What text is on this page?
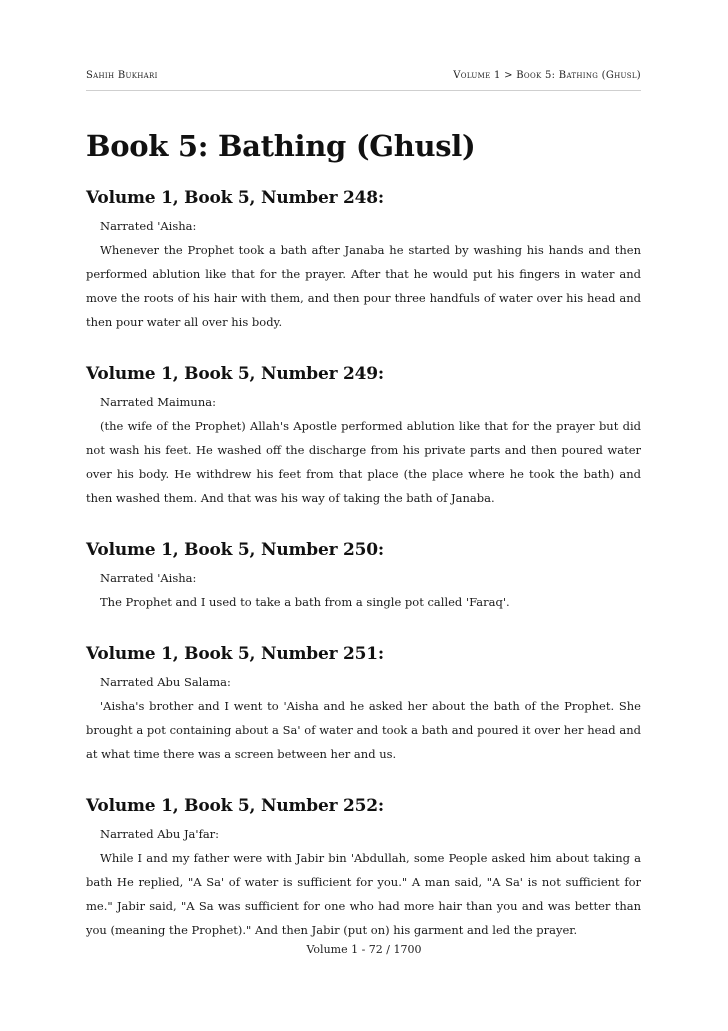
Sahih Bukhari	Volume 1 > Book 5: Bathing (Ghusl)
Book 5: Bathing (Ghusl)
Volume 1, Book 5, Number 248:

Narrated 'Aisha:

Whenever the Prophet took a bath after Janaba he started by washing his hands and then performed ablution like that for the prayer. After that he would put his fingers in water and move the roots of his hair with them, and then pour three handfuls of water over his head and then pour water all over his body.

Volume 1, Book 5, Number 249:

Narrated Maimuna:

(the wife of the Prophet) Allah's Apostle performed ablution like that for the prayer but did not wash his feet. He washed off the discharge from his private parts and then poured water over his body. He withdrew his feet from that place (the place where he took the bath) and then washed them. And that was his way of taking the bath of Janaba.

Volume 1, Book 5, Number 250:

Narrated 'Aisha:

The Prophet and I used to take a bath from a single pot called 'Faraq'.

Volume 1, Book 5, Number 251:

Narrated Abu Salama:

'Aisha's brother and I went to 'Aisha and he asked her about the bath of the Prophet. She brought a pot containing about a Sa' of water and took a bath and poured it over her head and at what time there was a screen between her and us.

Volume 1, Book 5, Number 252:

Narrated Abu Ja'far:

While I and my father were with Jabir bin 'Abdullah, some People asked him about taking a bath He replied, "A Sa' of water is sufficient for you." A man said, "A Sa' is not sufficient for me." Jabir said, "A Sa was sufficient for one who had more hair than you and was better than you (meaning the Prophet)." And then Jabir (put on) his garment and led the prayer.

Volume 1 - 72 / 1700
